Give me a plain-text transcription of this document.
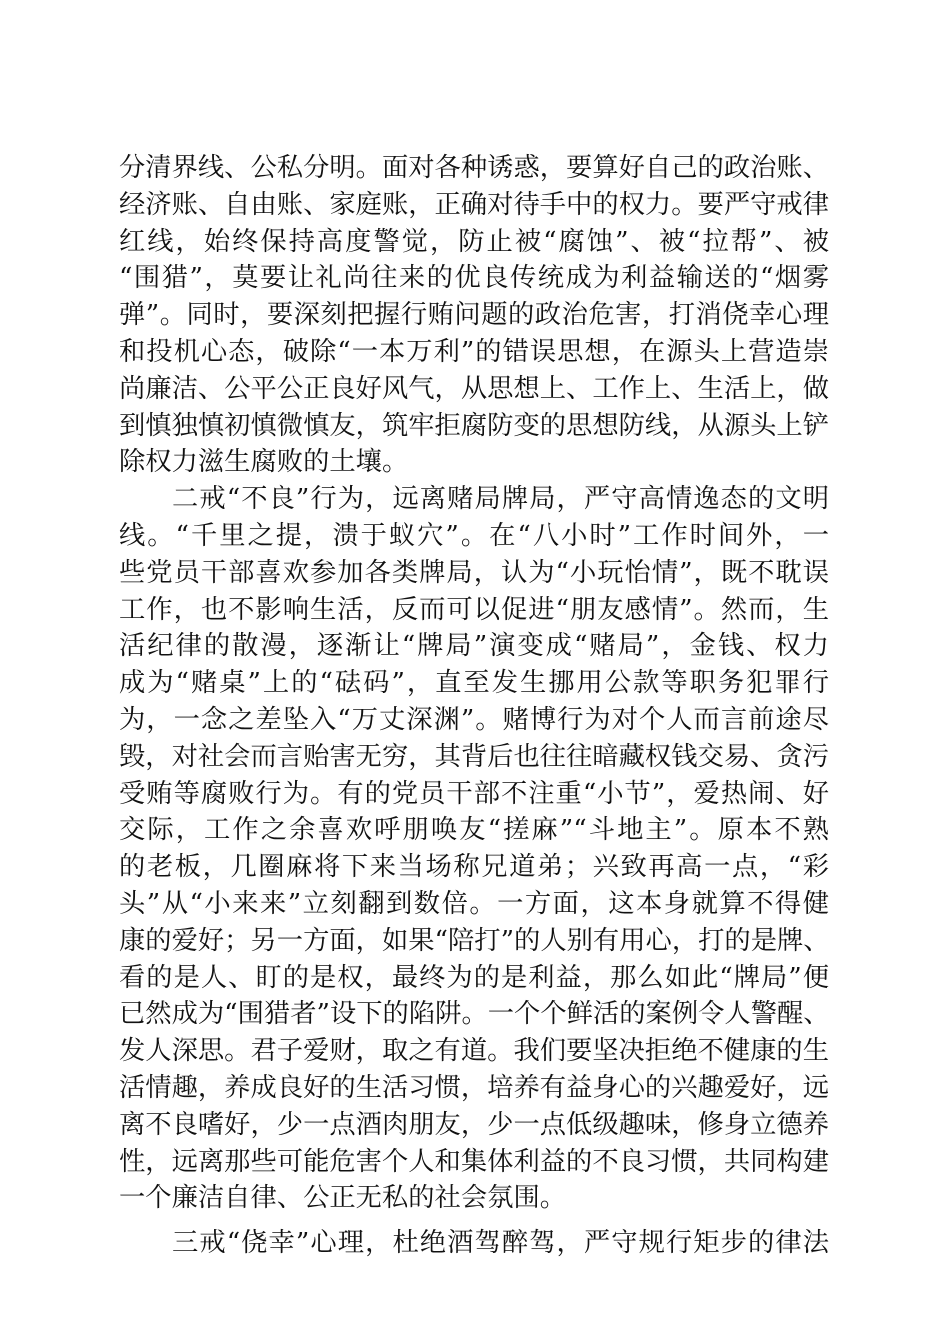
分清界线、公私分明。面对各种诱惑，要算好自己的政治账、
经济账、自由账、家庭账，正确对待手中的权力。要严守戒律
红线，始终保持高度警觉，防止被“腐蚀”、被“拉帮”、被
“围猎”，莫要让礼尚往来的优良传统成为利益输送的“烟雾
弹”。同时，要深刻把握行贿问题的政治危害，打消侥幸心理
和投机心态，破除“一本万利”的错误思想，在源头上营造崇
尚廉洁、公平公正良好风气，从思想上、工作上、生活上，做
到慎独慎初慎微慎友，筑牢拒腐防变的思想防线，从源头上铲
除权力滋生腐败的土壤。
二戒“不良”行为，远离赌局牌局，严守高情逸态的文明
线。“千里之提，溃于蚁穴”。在“八小时”工作时间外，一
些党员干部喜欢参加各类牌局，认为“小玩怡情”，既不耽误
工作，也不影响生活，反而可以促进“朋友感情”。然而，生
活纪律的散漫，逐渐让“牌局”演变成“赌局”，金钱、权力
成为“赌桌”上的“砝码”，直至发生挪用公款等职务犯罪行
为，一念之差坠入“万丈深渊”。赌博行为对个人而言前途尽
毁，对社会而言贻害无穷，其背后也往往暗藏权钱交易、贪污
受贿等腐败行为。有的党员干部不注重“小节”，爱热闹、好
交际，工作之余喜欢呼朋唤友“搓麻”“斗地主”。原本不熟
的老板，几圈麻将下来当场称兄道弟；兴致再高一点，“彩
头”从“小来来”立刻翻到数倍。一方面，这本身就算不得健
康的爱好；另一方面，如果“陪打”的人别有用心，打的是牌、
看的是人、盯的是权，最终为的是利益，那么如此“牌局”便
已然成为“围猎者”设下的陷阱。一个个鲜活的案例令人警醒、
发人深思。君子爱财，取之有道。我们要坚决拒绝不健康的生
活情趣，养成良好的生活习惯，培养有益身心的兴趣爱好，远
离不良嗜好，少一点酒肉朋友，少一点低级趣味，修身立德养
性，远离那些可能危害个人和集体利益的不良习惯，共同构建
一个廉洁自律、公正无私的社会氛围。
三戒“侥幸”心理，杜绝酒驾醉驾，严守规行矩步的律法
